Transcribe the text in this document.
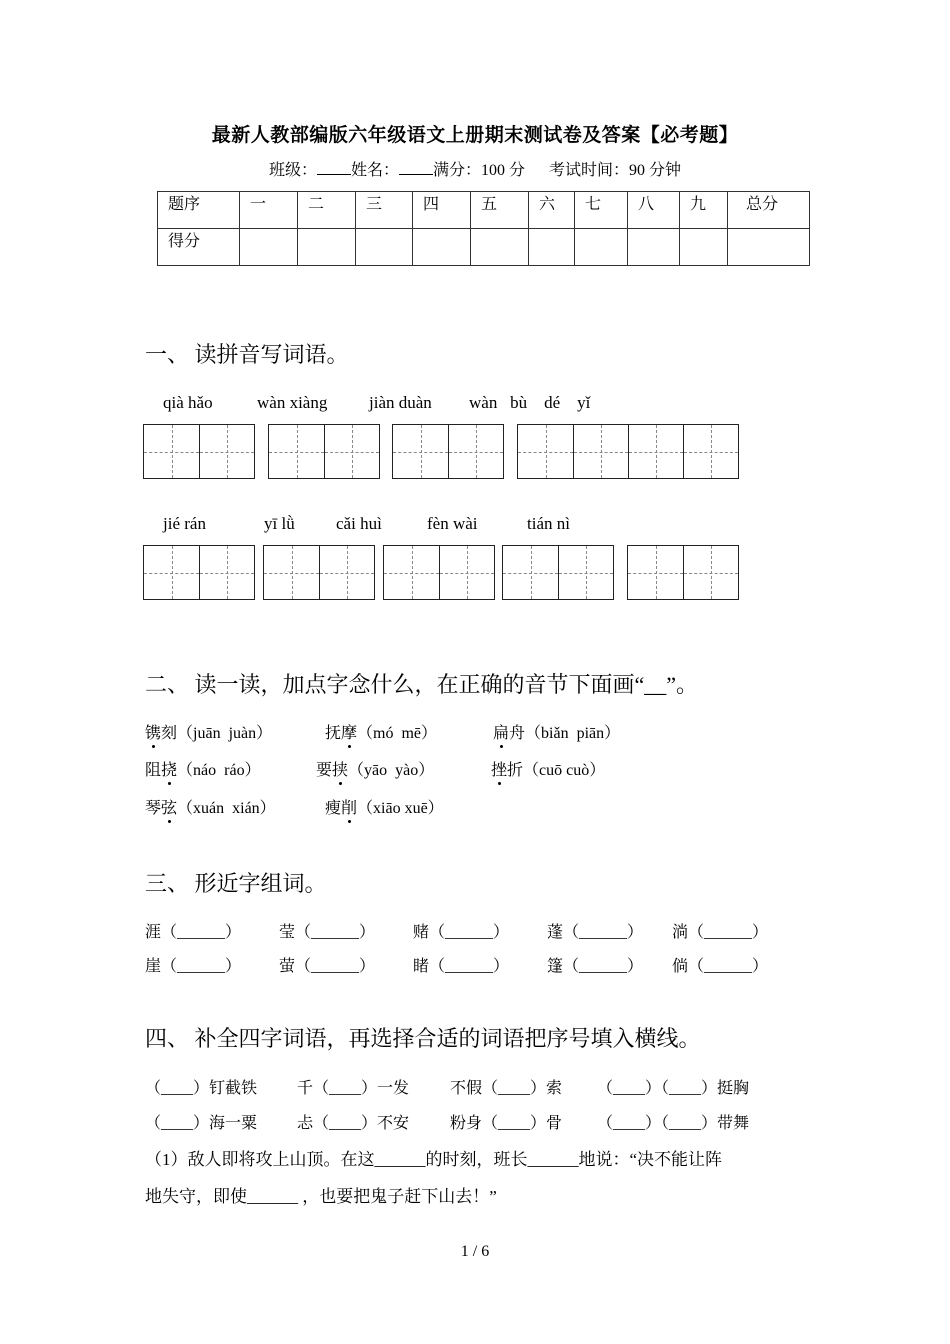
最新人教部编版六年级语文上册期末测试卷及答案【必考题】
班级： 姓名： 满分：100 分 考试时间：90 分钟
题序	一	二	三	四	五	六	七	八	九	总分
得分										
一、 读拼音写词语。
qià hǎo	wàn xiàng jiàn duàn wàn   bù    dé    yǐ
jié rán	yī lǜ cǎi huì	fèn wài	tián nì
二、 读一读，加点字念什么，在正确的音节下面画“__”。
镌刻（juān  juàn）	抚摩（mó  mē）	扁舟（biǎn  piān）
阻挠（náo  ráo）	要挟（yāo  yào）	挫折（cuō cuò）
琴弦（xuán  xián）	瘦削（xiāo xuē）
三、 形近字组词。
涯（______） 莹（______） 赌（______） 蓬（______） 淌（______）
崖（______） 萤（______） 睹（______） 篷（______） 倘（______）
四、 补全四字词语，再选择合适的词语把序号填入横线。
（____）钉截铁 千（____）一发	不假（____）索 （____）（____）挺胸
（____）海一粟 忐（____）不安	粉身（____）骨 （____）（____）带舞
（1）敌人即将攻上山顶。在这______的时刻，班长______地说：“决不能让阵
地失守，即使______ ，也要把鬼子赶下山去！”
1 / 6
